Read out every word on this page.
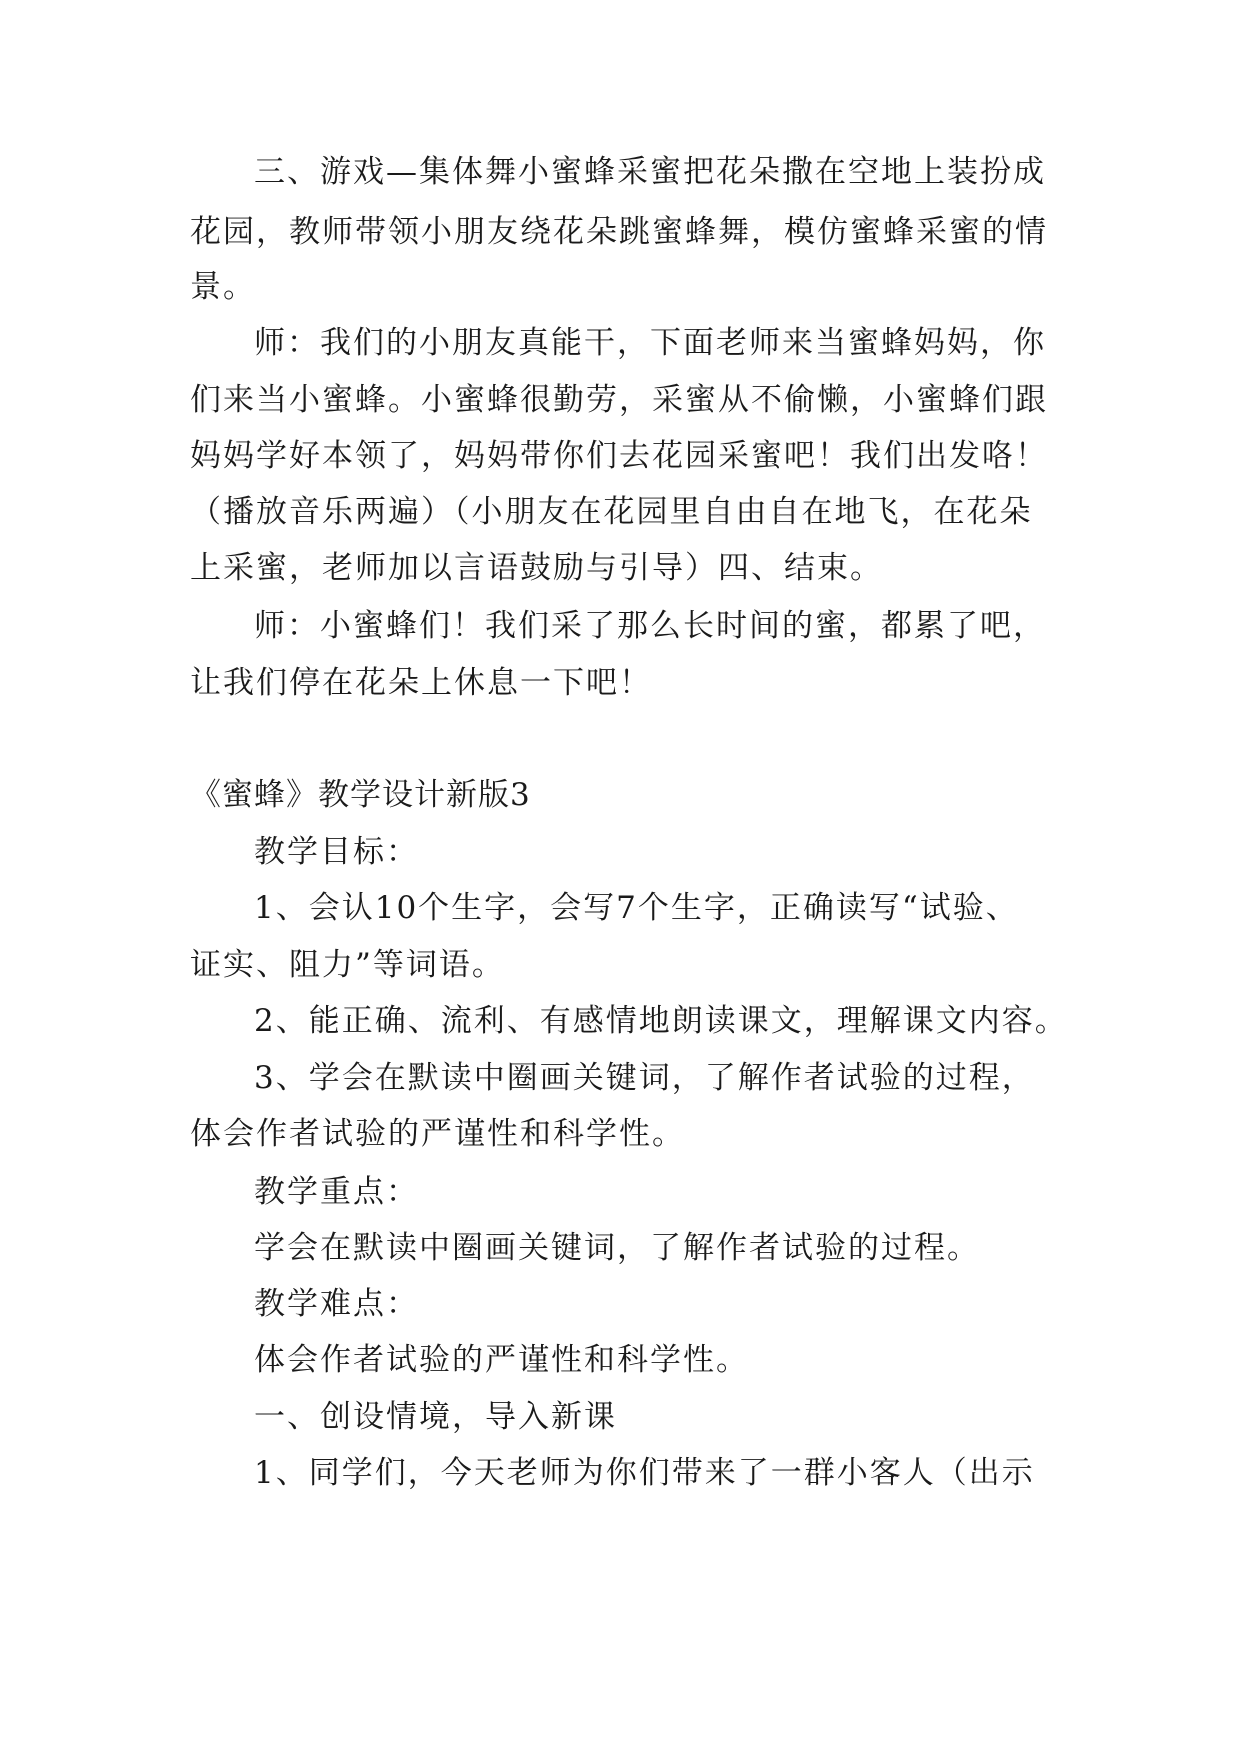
三、游戏—集体舞小蜜蜂采蜜把花朵撒在空地上装扮成
花园，教师带领小朋友绕花朵跳蜜蜂舞，模仿蜜蜂采蜜的情
景。
师：我们的小朋友真能干，下面老师来当蜜蜂妈妈，你
们来当小蜜蜂。小蜜蜂很勤劳，采蜜从不偷懒，小蜜蜂们跟
妈妈学好本领了，妈妈带你们去花园采蜜吧！我们出发咯！
（播放音乐两遍）（小朋友在花园里自由自在地飞，在花朵
上采蜜，老师加以言语鼓励与引导）四、结束。
师：小蜜蜂们！我们采了那么长时间的蜜，都累了吧，
让我们停在花朵上休息一下吧！
《蜜蜂》教学设计新版3
教学目标：
1、会认10个生字，会写7个生字，正确读写“试验、
证实、阻力”等词语。
2、能正确、流利、有感情地朗读课文，理解课文内容。
3、学会在默读中圈画关键词，了解作者试验的过程，
体会作者试验的严谨性和科学性。
教学重点：
学会在默读中圈画关键词，了解作者试验的过程。
教学难点：
体会作者试验的严谨性和科学性。
一、创设情境，导入新课
1、同学们，今天老师为你们带来了一群小客人（出示
